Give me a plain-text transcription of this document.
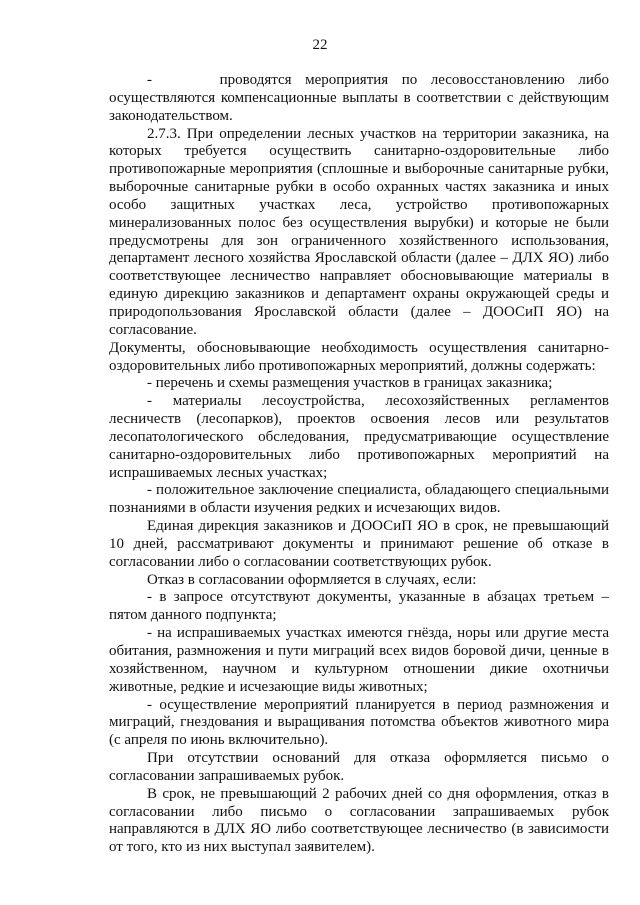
22

-     проводятся мероприятия по лесовосстановлению либо осуществляются компенсационные выплаты в соответствии с действующим законодательством.

2.7.3. При определении лесных участков на территории заказника, на которых требуется осуществить санитарно-оздоровительные либо противопожарные мероприятия (сплошные и выборочные санитарные рубки, выборочные санитарные рубки в особо охранных частях заказника и иных особо защитных участках леса, устройство противопожарных минерализованных полос без осуществления вырубки) и которые не были предусмотрены для зон ограниченного хозяйственного использования, департамент лесного хозяйства Ярославской области (далее – ДЛХ ЯО) либо соответствующее лесничество направляет обосновывающие материалы в единую дирекцию заказников и департамент охраны окружающей среды и природопользования Ярославской области (далее – ДООСиП ЯО) на согласование.

Документы, обосновывающие необходимость осуществления санитарно-оздоровительных либо противопожарных мероприятий, должны содержать:

- перечень и схемы размещения участков в границах заказника;

- материалы лесоустройства, лесохозяйственных регламентов лесничеств (лесопарков), проектов освоения лесов или результатов лесопатологического обследования, предусматривающие осуществление санитарно-оздоровительных либо противопожарных мероприятий на испрашиваемых лесных участках;

- положительное заключение специалиста, обладающего специальными познаниями в области изучения редких и исчезающих видов.

Единая дирекция заказников и ДООСиП ЯО в срок, не превышающий 10 дней, рассматривают документы и принимают решение об отказе в согласовании либо о согласовании соответствующих рубок.

Отказ в согласовании оформляется в случаях, если:

- в запросе отсутствуют документы, указанные в абзацах третьем – пятом данного подпункта;

- на испрашиваемых участках имеются гнёзда, норы или другие места обитания, размножения и пути миграций всех видов боровой дичи, ценные в хозяйственном, научном и культурном отношении дикие охотничьи животные, редкие и исчезающие виды животных;

- осуществление мероприятий планируется в период размножения и миграций, гнездования и выращивания потомства объектов животного мира (с апреля по июнь включительно).

При отсутствии оснований для отказа оформляется письмо о согласовании запрашиваемых рубок.

В срок, не превышающий 2 рабочих дней со дня оформления, отказ в согласовании либо письмо о согласовании запрашиваемых рубок направляются в ДЛХ ЯО либо соответствующее лесничество (в зависимости от того, кто из них выступал заявителем).
